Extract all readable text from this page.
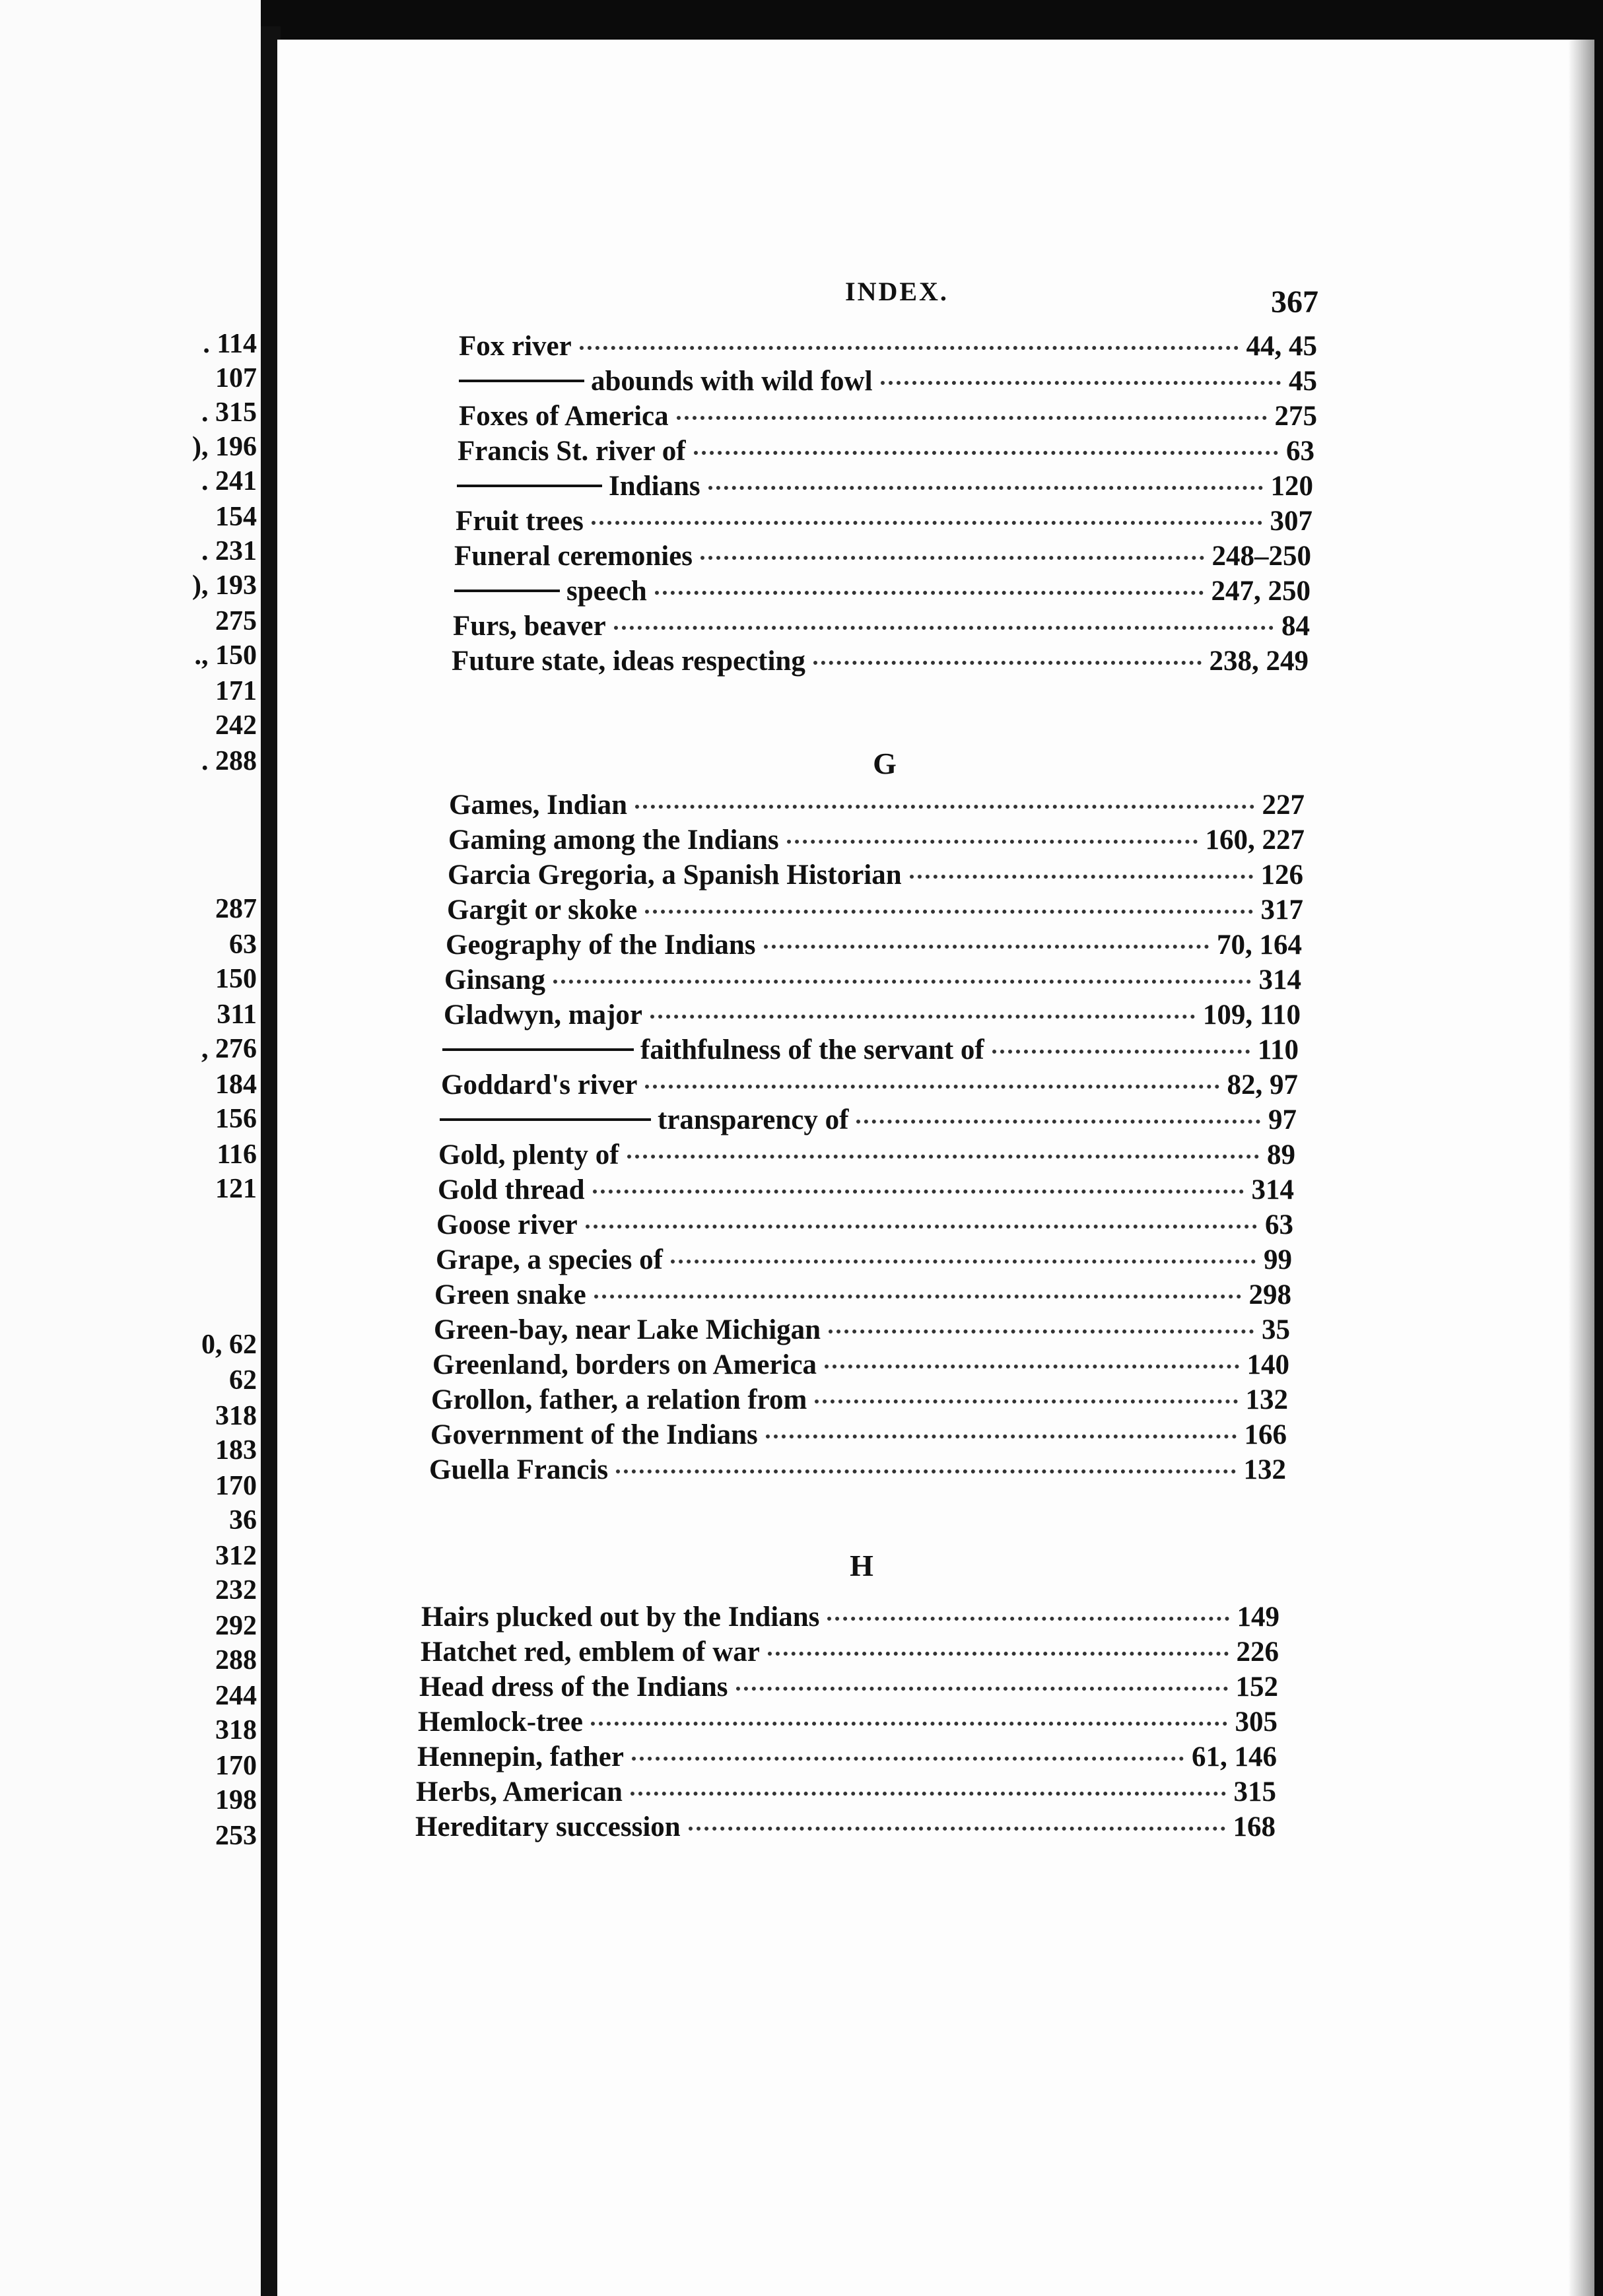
. 114
107
. 315
), 196
. 241
154
. 231
), 193
275
., 150
171
242
. 288
287
63
150
311
, 276
184
156
116
121
0, 62
62
318
183
170
36
312
232
292
288
244
318
170
198
253
INDEX.	367
Fox river	44, 45
abounds with wild fowl	45
Foxes of America	275
Francis St. river of	63
Indians	120
Fruit trees	307
Funeral ceremonies	248–250
speech	247, 250
Furs, beaver	84
Future state, ideas respecting	238, 249
G
Games, Indian	227
Gaming among the Indians	160, 227
Garcia Gregoria, a Spanish Historian	126
Gargit or skoke	317
Geography of the Indians	70, 164
Ginsang	314
Gladwyn, major	109, 110
faithfulness of the servant of	110
Goddard's river	82, 97
transparency of	97
Gold, plenty of	89
Gold thread	314
Goose river	63
Grape, a species of	99
Green snake	298
Green-bay, near Lake Michigan	35
Greenland, borders on America	140
Grollon, father, a relation from	132
Government of the Indians	166
Guella Francis	132
H
Hairs plucked out by the Indians	149
Hatchet red, emblem of war	226
Head dress of the Indians	152
Hemlock-tree	305
Hennepin, father	61, 146
Herbs, American	315
Hereditary succession	168
